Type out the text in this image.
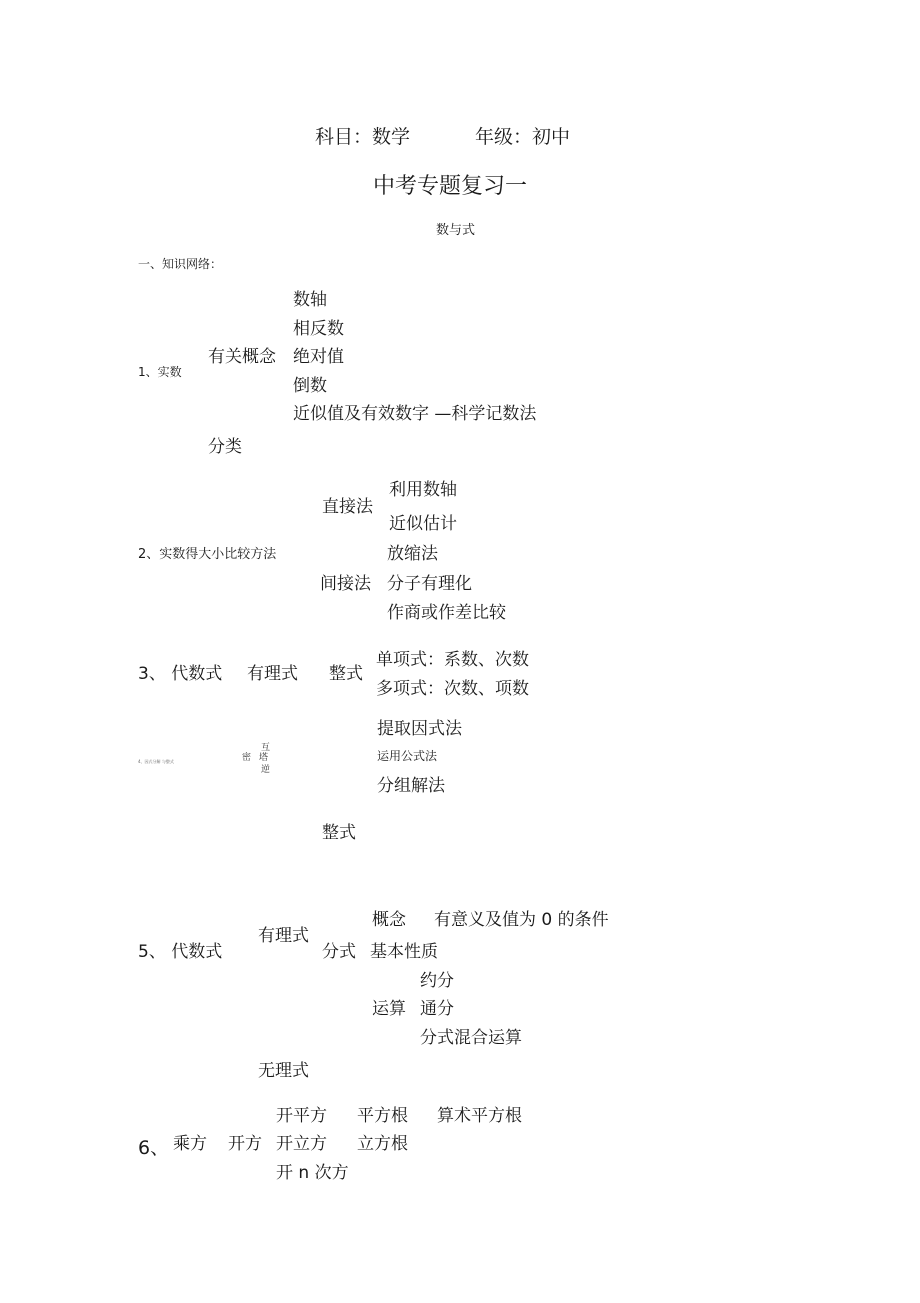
科目：数学	年级：初中
中考专题复习一
数与式
一、知识网络：
1、实数
有关概念
数轴
相反数
绝对值
倒数
近似值及有效数字 —科学记数法
分类
2、实数得大小比较方法
直接法
利用数轴
近似估计
间接法
放缩法
分子有理化
作商或作差比较
3、 代数式 有理式 整式
单项式：系数、次数
多项式：次数、项数
4、因式分解 与整式
互
密 塔
逆
提取因式法
运用公式法
分组解法
整式
5、 代数式
有理式
分式
概念 有意义及值为 0 的条件
基本性质
约分
运算 通分
分式混合运算
无理式
6、 乘方 开方
开平方 平方根 算术平方根
开立方 立方根
开 n 次方
